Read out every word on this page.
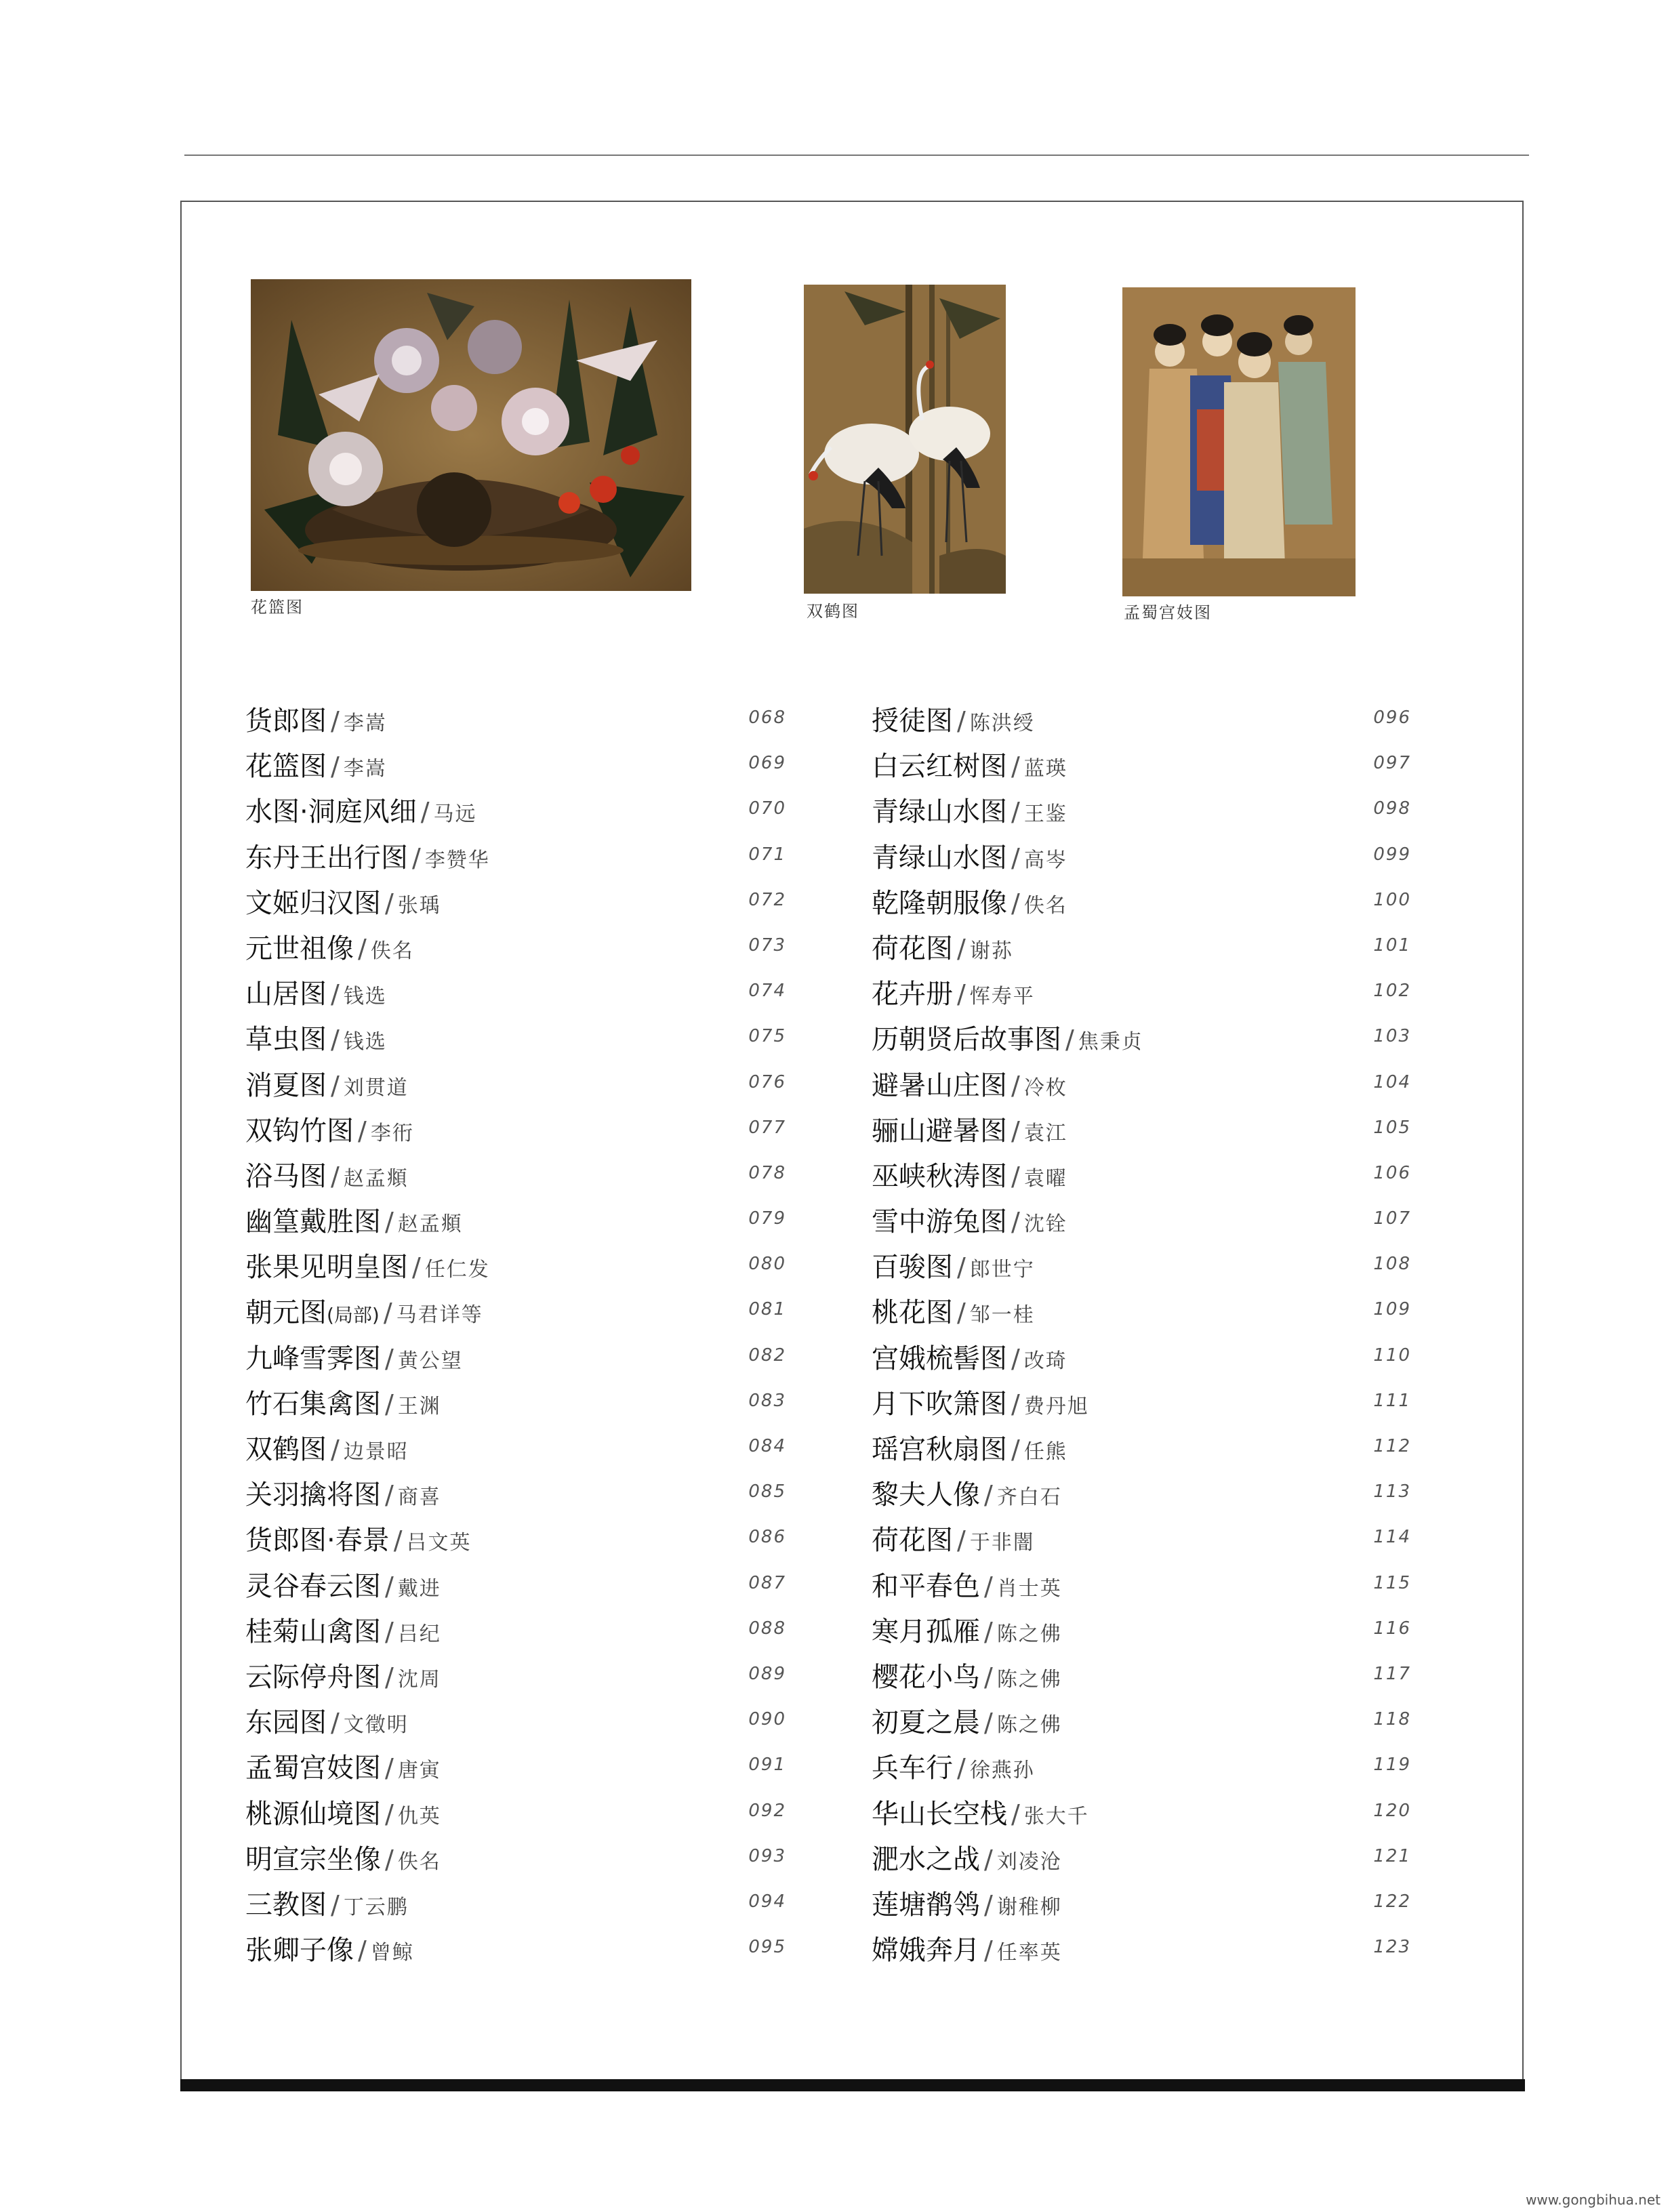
花篮图	双鹤图	孟蜀宫妓图
货郎图 / 李嵩	068
花篮图 / 李嵩	069
水图·洞庭风细 / 马远	070
东丹王出行图 / 李赞华	071
文姬归汉图 / 张瑀	072
元世祖像 / 佚名	073
山居图 / 钱选	074
草虫图 / 钱选	075
消夏图 / 刘贯道	076
双钩竹图 / 李衎	077
浴马图 / 赵孟頫	078
幽篁戴胜图 / 赵孟頫	079
张果见明皇图 / 任仁发	080
朝元图(局部) / 马君详等	081
九峰雪霁图 / 黄公望	082
竹石集禽图 / 王渊	083
双鹤图 / 边景昭	084
关羽擒将图 / 商喜	085
货郎图·春景 / 吕文英	086
灵谷春云图 / 戴进	087
桂菊山禽图 / 吕纪	088
云际停舟图 / 沈周	089
东园图 / 文徵明	090
孟蜀宫妓图 / 唐寅	091
桃源仙境图 / 仇英	092
明宣宗坐像 / 佚名	093
三教图 / 丁云鹏	094
张卿子像 / 曾鲸	095
授徒图 / 陈洪绶	096
白云红树图 / 蓝瑛	097
青绿山水图 / 王鉴	098
青绿山水图 / 高岑	099
乾隆朝服像 / 佚名	100
荷花图 / 谢荪	101
花卉册 / 恽寿平	102
历朝贤后故事图 / 焦秉贞	103
避暑山庄图 / 冷枚	104
骊山避暑图 / 袁江	105
巫峡秋涛图 / 袁曜	106
雪中游兔图 / 沈铨	107
百骏图 / 郎世宁	108
桃花图 / 邹一桂	109
宫娥梳髻图 / 改琦	110
月下吹箫图 / 费丹旭	111
瑶宫秋扇图 / 任熊	112
黎夫人像 / 齐白石	113
荷花图 / 于非闇	114
和平春色 / 肖士英	115
寒月孤雁 / 陈之佛	116
樱花小鸟 / 陈之佛	117
初夏之晨 / 陈之佛	118
兵车行 / 徐燕孙	119
华山长空栈 / 张大千	120
淝水之战 / 刘凌沧	121
莲塘鹡鸰 / 谢稚柳	122
嫦娥奔月 / 任率英	123
www.gongbihua.net
